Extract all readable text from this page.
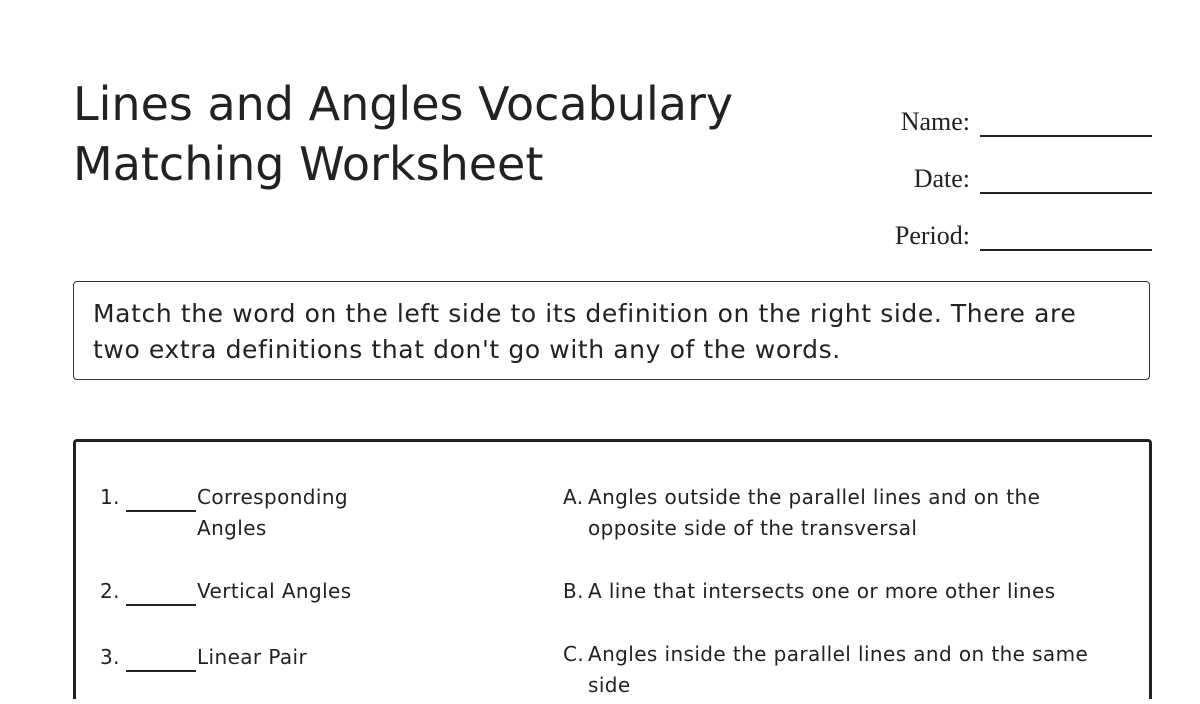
Lines and Angles Vocabulary Matching Worksheet
Name:
Date:
Period:
Match the word on the left side to its definition on the right side. There are two extra definitions that don't go with any of the words.
1.	Corresponding Angles
2.	Vertical Angles
3.	Linear Pair
A. Angles outside the parallel lines and on the opposite side of the transversal
B. A line that intersects one or more other lines
C. Angles inside the parallel lines and on the same side
